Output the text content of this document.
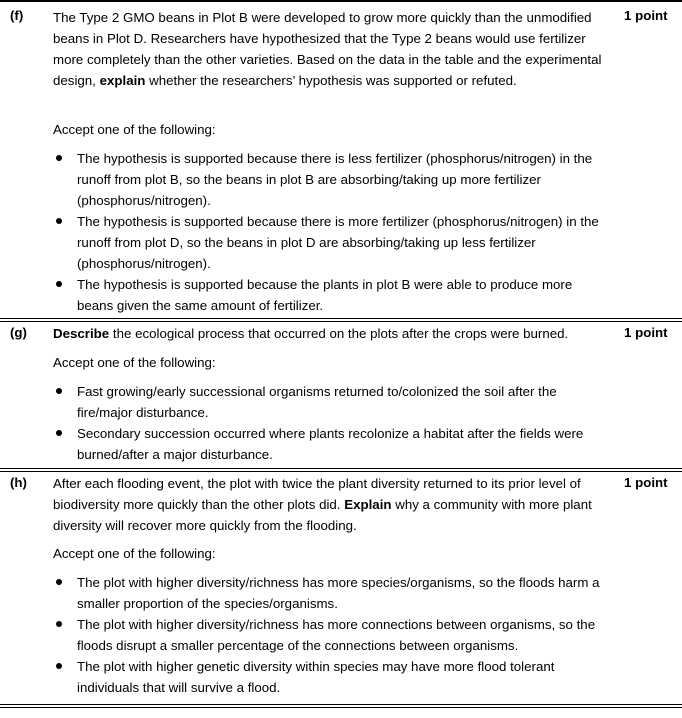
(f)	1 point
The Type 2 GMO beans in Plot B were developed to grow more quickly than the unmodified beans in Plot D. Researchers have hypothesized that the Type 2 beans would use fertilizer more completely than the other varieties. Based on the data in the table and the experimental design, explain whether the researchers’ hypothesis was supported or refuted.
Accept one of the following:
The hypothesis is supported because there is less fertilizer (phosphorus/nitrogen) in the runoff from plot B, so the beans in plot B are absorbing/taking up more fertilizer (phosphorus/nitrogen).
The hypothesis is supported because there is more fertilizer (phosphorus/nitrogen) in the runoff from plot D, so the beans in plot D are absorbing/taking up less fertilizer (phosphorus/nitrogen).
The hypothesis is supported because the plants in plot B were able to produce more beans given the same amount of fertilizer.
(g)	1 point
Describe the ecological process that occurred on the plots after the crops were burned.
Accept one of the following:
Fast growing/early successional organisms returned to/colonized the soil after the fire/major disturbance.
Secondary succession occurred where plants recolonize a habitat after the fields were burned/after a major disturbance.
(h)	1 point
After each flooding event, the plot with twice the plant diversity returned to its prior level of biodiversity more quickly than the other plots did. Explain why a community with more plant diversity will recover more quickly from the flooding.
Accept one of the following:
The plot with higher diversity/richness has more species/organisms, so the floods harm a smaller proportion of the species/organisms.
The plot with higher diversity/richness has more connections between organisms, so the floods disrupt a smaller percentage of the connections between organisms.
The plot with higher genetic diversity within species may have more flood tolerant individuals that will survive a flood.
